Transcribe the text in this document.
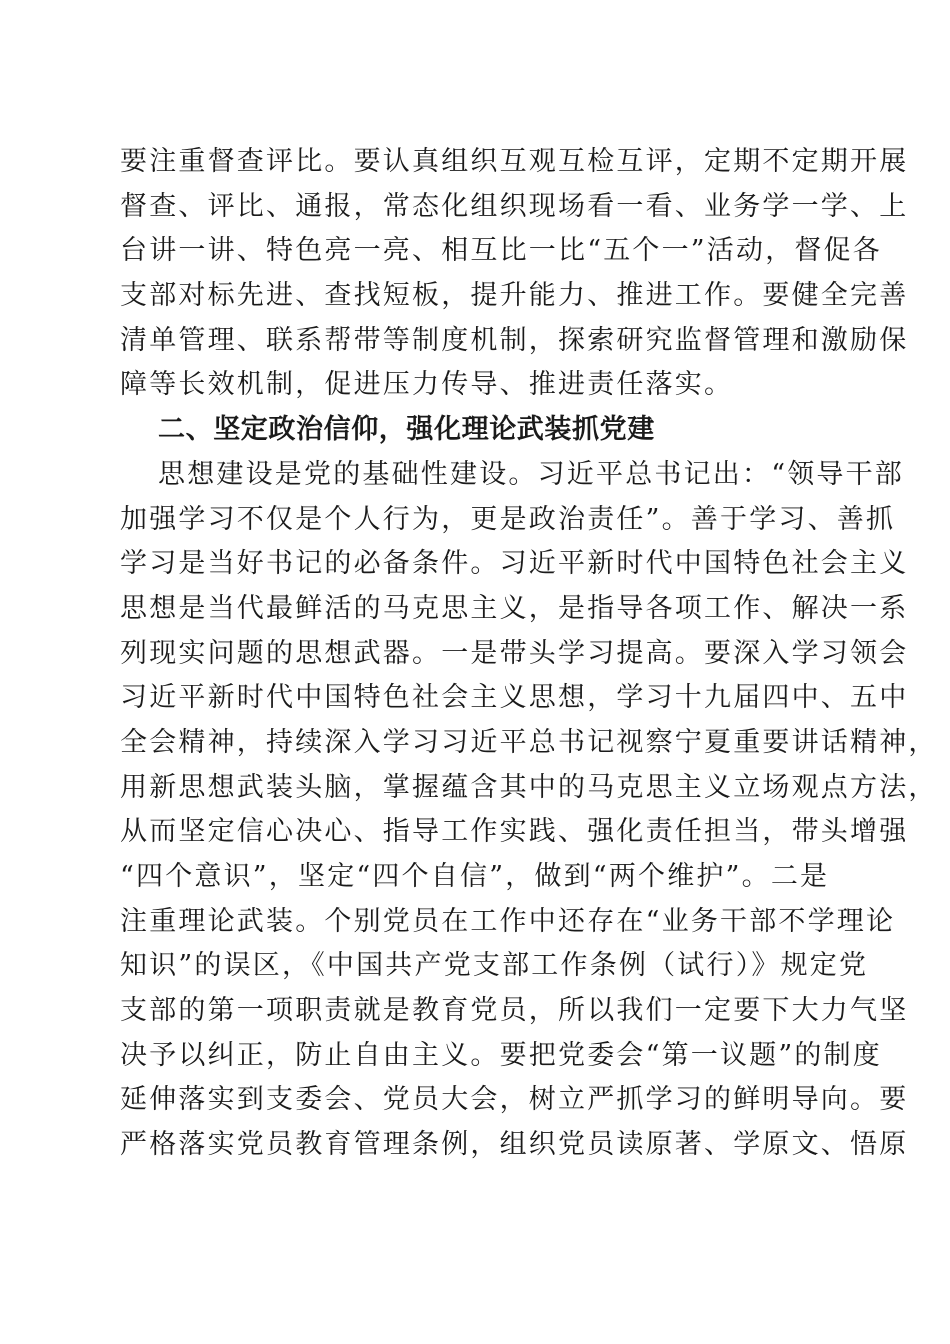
要注重督查评比。要认真组织互观互检互评，定期不定期开展
督查、评比、通报，常态化组织现场看一看、业务学一学、上
台讲一讲、特色亮一亮、相互比一比“五个一”活动，督促各
支部对标先进、查找短板，提升能力、推进工作。要健全完善
清单管理、联系帮带等制度机制，探索研究监督管理和激励保
障等长效机制，促进压力传导、推进责任落实。
二、坚定政治信仰，强化理论武装抓党建
思想建设是党的基础性建设。习近平总书记出：“领导干部
加强学习不仅是个人行为，更是政治责任”。善于学习、善抓
学习是当好书记的必备条件。习近平新时代中国特色社会主义
思想是当代最鲜活的马克思主义，是指导各项工作、解决一系
列现实问题的思想武器。一是带头学习提高。要深入学习领会
习近平新时代中国特色社会主义思想，学习十九届四中、五中
全会精神，持续深入学习习近平总书记视察宁夏重要讲话精神，
用新思想武装头脑，掌握蕴含其中的马克思主义立场观点方法，
从而坚定信心决心、指导工作实践、强化责任担当，带头增强
“四个意识”，坚定“四个自信”，做到“两个维护”。二是
注重理论武装。个别党员在工作中还存在“业务干部不学理论
知识”的误区，《中国共产党支部工作条例（试行）》规定党
支部的第一项职责就是教育党员，所以我们一定要下大力气坚
决予以纠正，防止自由主义。要把党委会“第一议题”的制度
延伸落实到支委会、党员大会，树立严抓学习的鲜明导向。要
严格落实党员教育管理条例，组织党员读原著、学原文、悟原
